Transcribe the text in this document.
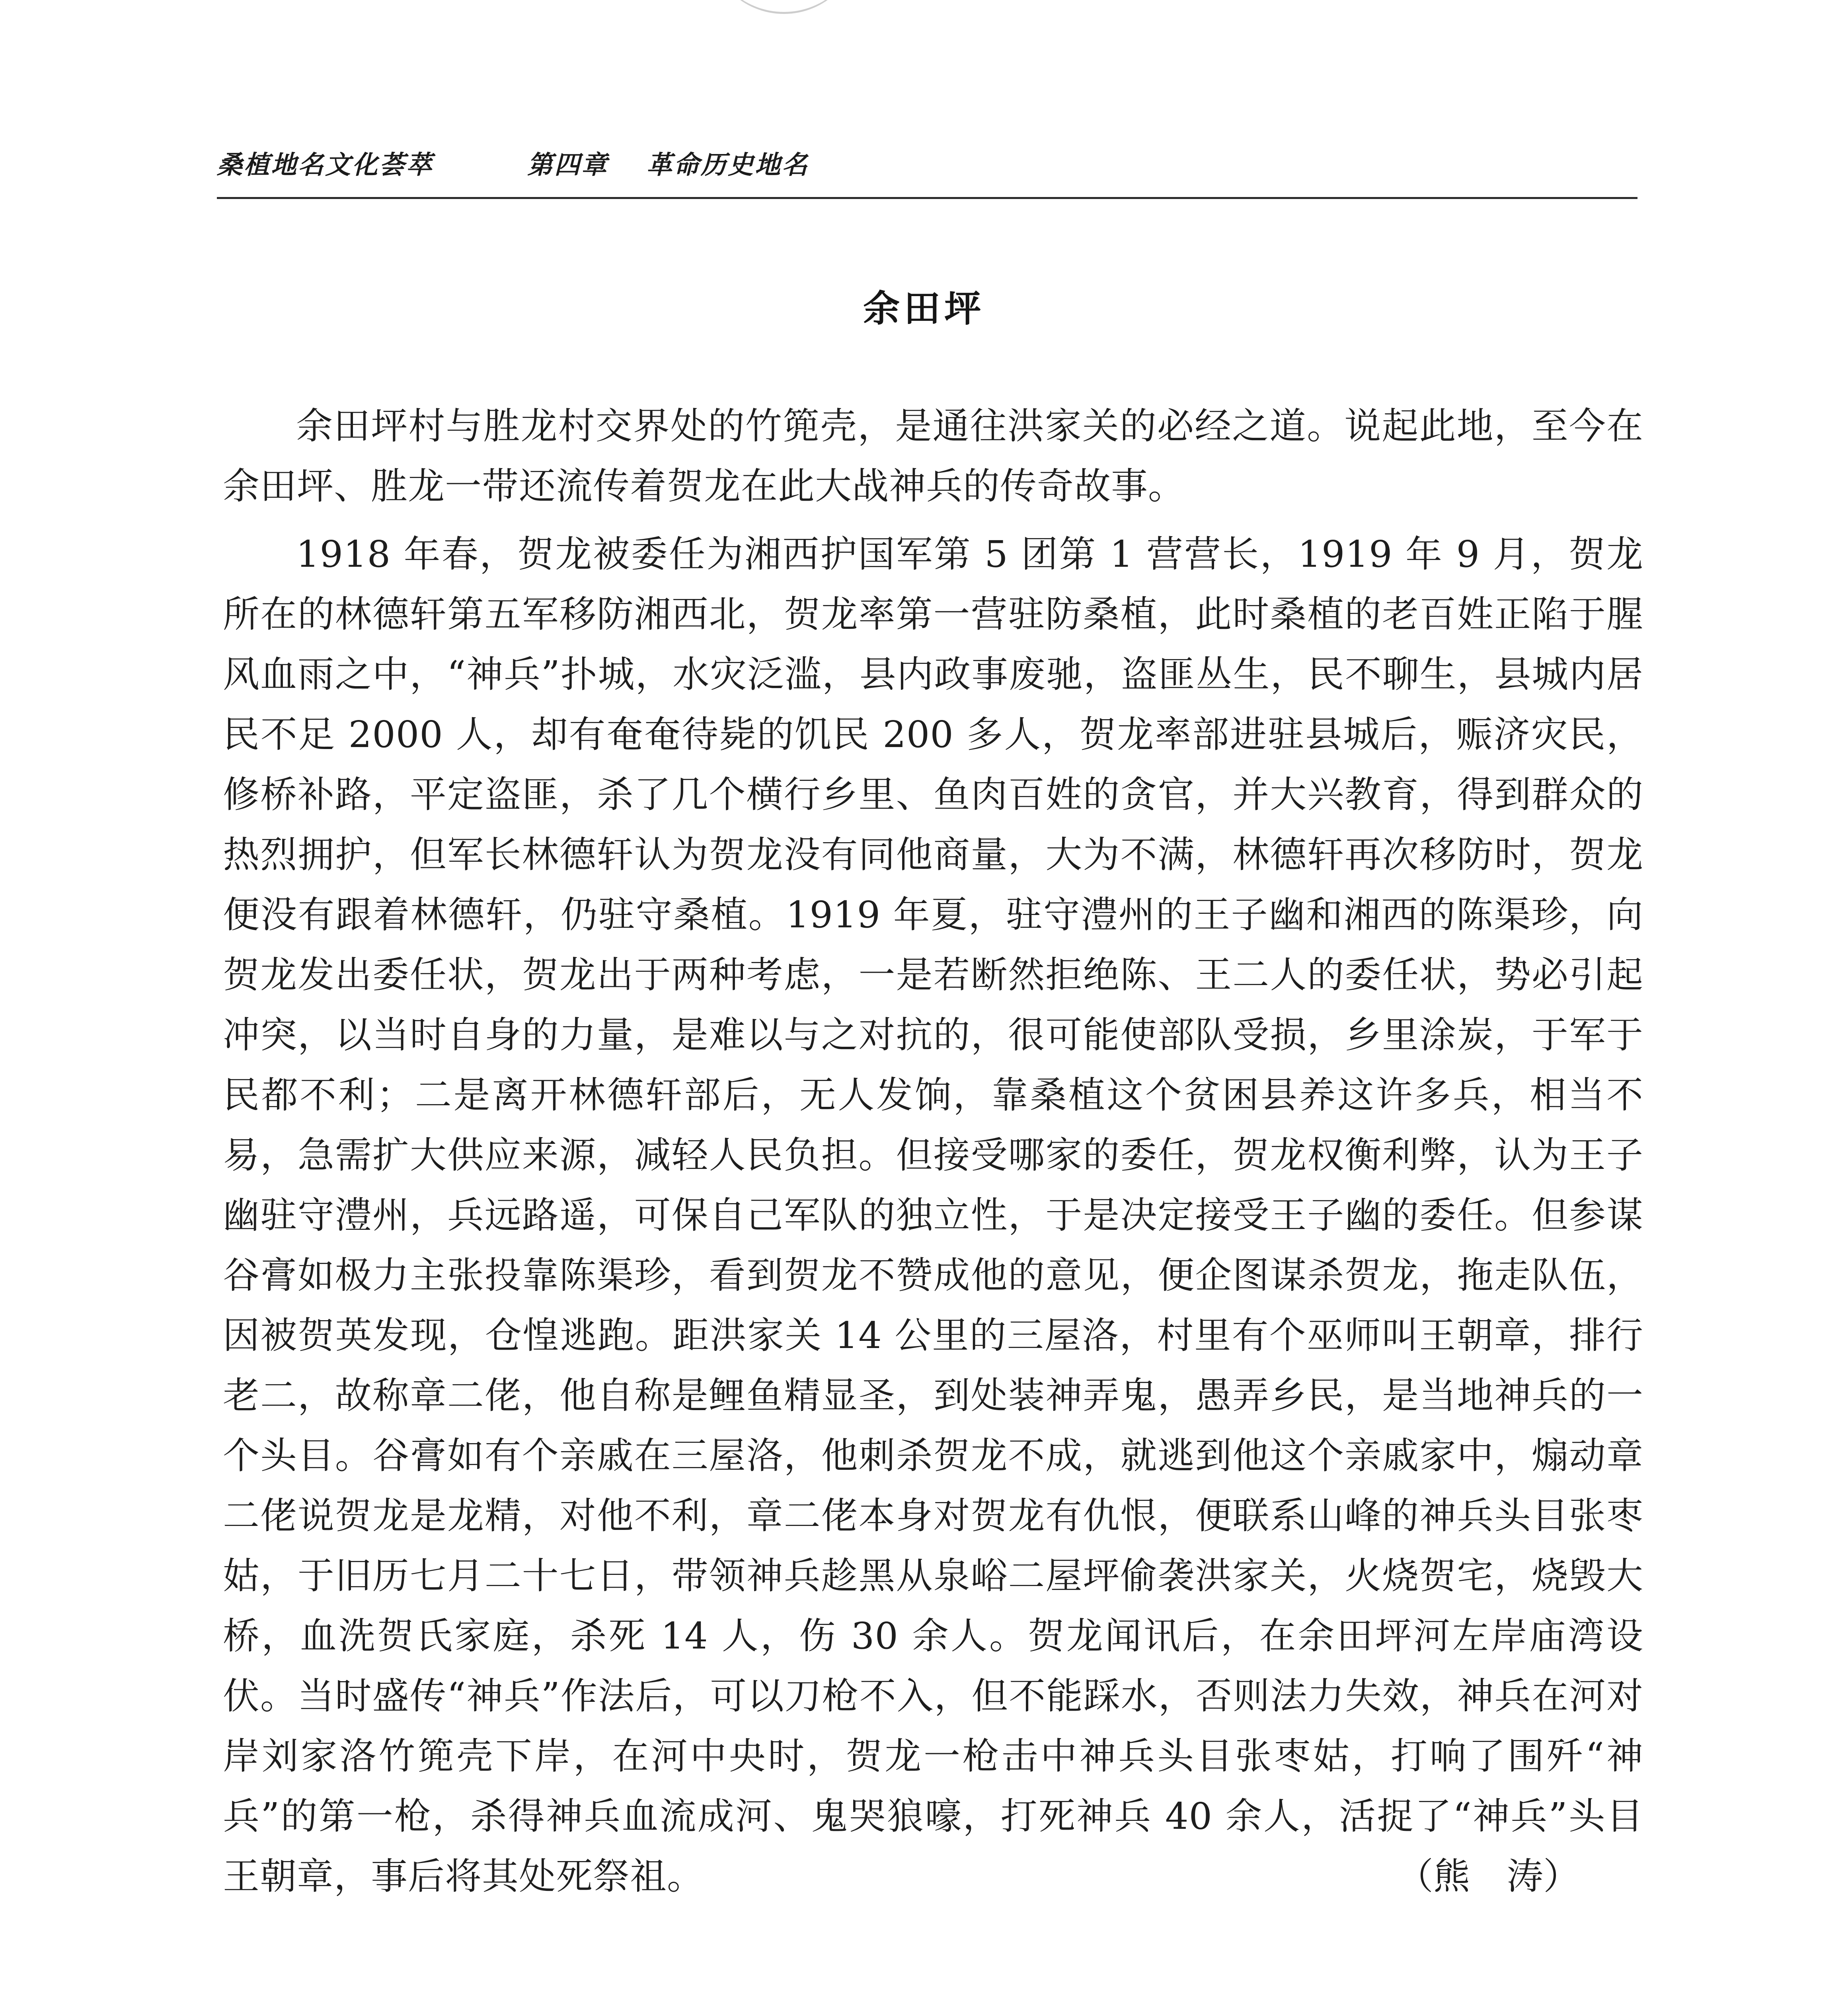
桑植地名文化荟萃	第四章	革命历史地名
余田坪

余田坪村与胜龙村交界处的竹篼壳，是通往洪家关的必经之道。说起此地，至今在余田坪、胜龙一带还流传着贺龙在此大战神兵的传奇故事。

1918 年春，贺龙被委任为湘西护国军第 5 团第 1 营营长，1919 年 9 月，贺龙所在的林德轩第五军移防湘西北，贺龙率第一营驻防桑植，此时桑植的老百姓正陷于腥风血雨之中，“神兵”扑城，水灾泛滥，县内政事废驰，盗匪丛生，民不聊生，县城内居民不足 2000 人，却有奄奄待毙的饥民 200 多人，贺龙率部进驻县城后，赈济灾民，修桥补路，平定盗匪，杀了几个横行乡里、鱼肉百姓的贪官，并大兴教育，得到群众的热烈拥护，但军长林德轩认为贺龙没有同他商量，大为不满，林德轩再次移防时，贺龙便没有跟着林德轩，仍驻守桑植。1919 年夏，驻守澧州的王子幽和湘西的陈渠珍，向贺龙发出委任状，贺龙出于两种考虑，一是若断然拒绝陈、王二人的委任状，势必引起冲突，以当时自身的力量，是难以与之对抗的，很可能使部队受损，乡里涂炭，于军于民都不利；二是离开林德轩部后，无人发饷，靠桑植这个贫困县养这许多兵，相当不易，急需扩大供应来源，减轻人民负担。但接受哪家的委任，贺龙权衡利弊，认为王子幽驻守澧州，兵远路遥，可保自己军队的独立性，于是决定接受王子幽的委任。但参谋谷膏如极力主张投靠陈渠珍，看到贺龙不赞成他的意见，便企图谋杀贺龙，拖走队伍，因被贺英发现，仓惶逃跑。距洪家关 14 公里的三屋洛，村里有个巫师叫王朝章，排行老二，故称章二佬，他自称是鲤鱼精显圣，到处装神弄鬼，愚弄乡民，是当地神兵的一个头目。谷膏如有个亲戚在三屋洛，他刺杀贺龙不成，就逃到他这个亲戚家中，煽动章二佬说贺龙是龙精，对他不利，章二佬本身对贺龙有仇恨，便联系山峰的神兵头目张枣姑，于旧历七月二十七日，带领神兵趁黑从泉峪二屋坪偷袭洪家关，火烧贺宅，烧毁大桥，血洗贺氏家庭，杀死 14 人，伤 30 余人。贺龙闻讯后，在余田坪河左岸庙湾设伏。当时盛传“神兵”作法后，可以刀枪不入，但不能踩水，否则法力失效，神兵在河对岸刘家洛竹篼壳下岸，在河中央时，贺龙一枪击中神兵头目张枣姑，打响了围歼“神兵”的第一枪，杀得神兵血流成河、鬼哭狼嚎，打死神兵 40 余人，活捉了“神兵”头目王朝章，事后将其处死祭祖。	（熊　涛）
